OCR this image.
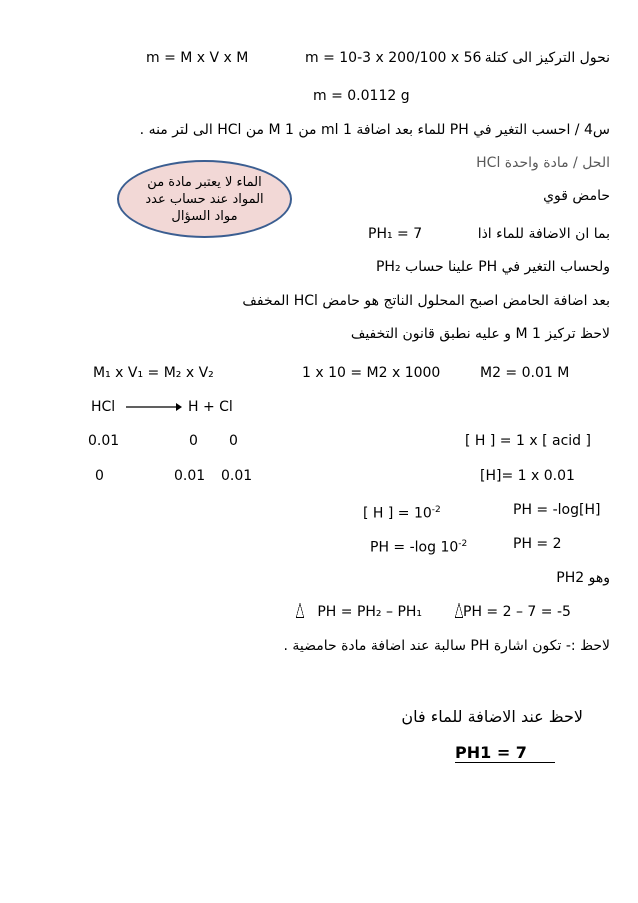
نحول التركيز الى كتلة
m = 10-3 x 200/100 x 56
m = M x V x M
m = 0.0112 g
س4 / احسب التغير في PH للماء بعد اضافة 1 ml من 1 M من HCl الى لتر منه .
الحل / مادة واحدة HCl
الماء لا يعتبر مادة من
المواد عند حساب عدد
مواد السؤال
حامض قوي
بما ان الاضافة للماء اذا
PH₁ = 7
ولحساب التغير في PH علينا حساب PH₂
بعد اضافة الحامض اصبح المحلول الناتج هو حامض HCl المخفف
لاحظ تركيز 1 M و عليه نطبق قانون التخفيف
M₁ x V₁ = M₂ x V₂	1 x 10 = M2 x 1000	M2 = 0.01 M
HCl → H + Cl
0.01	0 0	[ H ] = 1 x [ acid ]
0	0.01 0.01	[H]= 1 x 0.01
[ H ] = $10^{-2}$	PH = -log[H]
PH = -log $10^{-2}$	PH = 2
وهو PH2
PH = PH₂ – PH₁	PH = 2 – 7 = -5
لاحظ :- تكون اشارة PH سالبة عند اضافة مادة حامضية .
لاحظ عند الاضافة للماء فان
PH1 = 7
